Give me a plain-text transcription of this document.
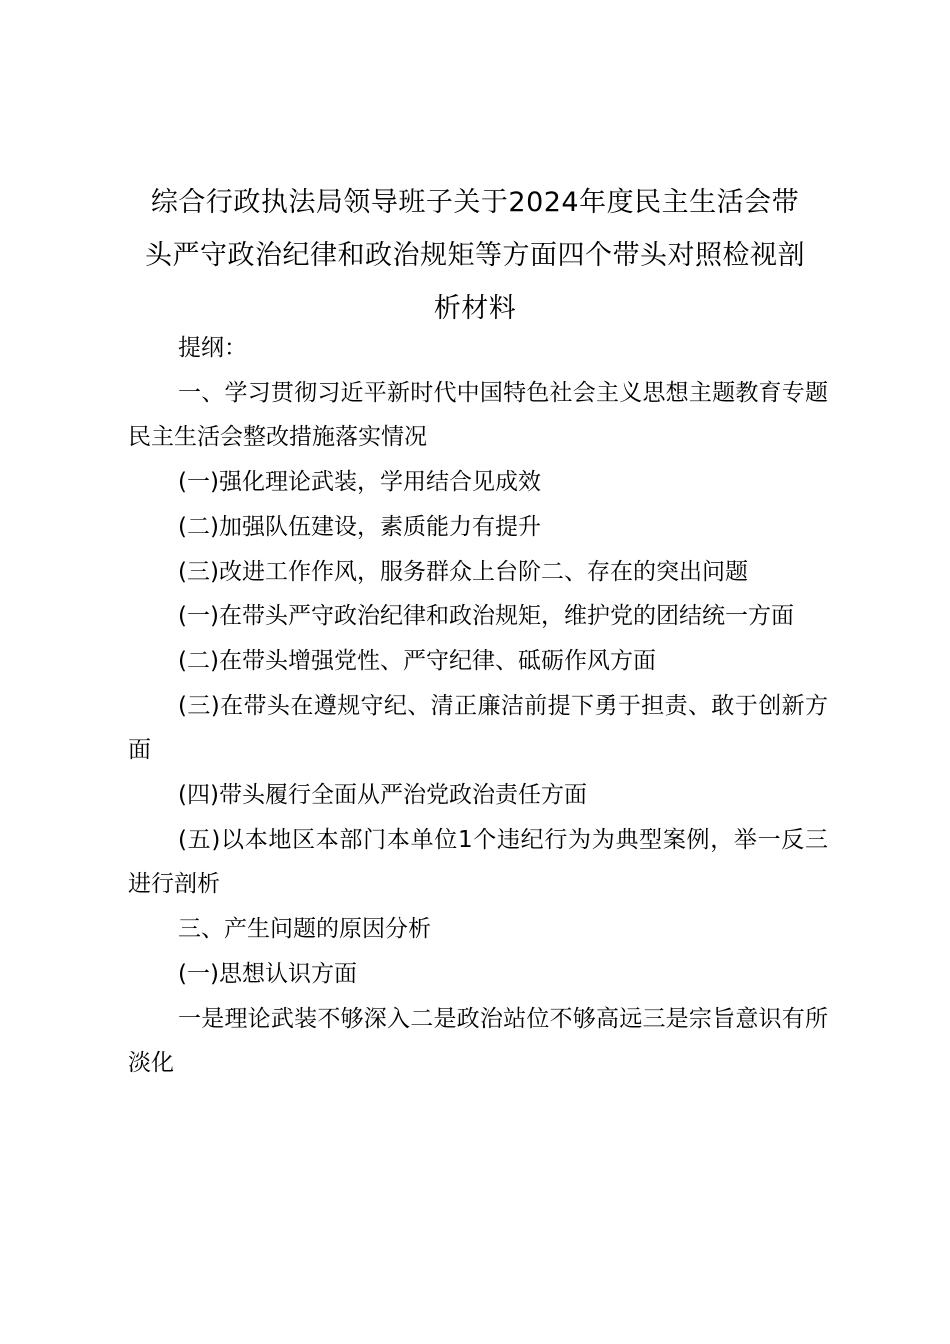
综合行政执法局领导班子关于2024年度民主生活会带
头严守政治纪律和政治规矩等方面四个带头对照检视剖
析材料

提纲：

一、学习贯彻习近平新时代中国特色社会主义思想主题教育专题民主生活会整改措施落实情况

(一)强化理论武装，学用结合见成效

(二)加强队伍建设，素质能力有提升

(三)改进工作作风，服务群众上台阶二、存在的突出问题

(一)在带头严守政治纪律和政治规矩，维护党的团结统一方面

(二)在带头增强党性、严守纪律、砥砺作风方面

(三)在带头在遵规守纪、清正廉洁前提下勇于担责、敢于创新方面

(四)带头履行全面从严治党政治责任方面

(五)以本地区本部门本单位1个违纪行为为典型案例，举一反三进行剖析

三、产生问题的原因分析

(一)思想认识方面

一是理论武装不够深入二是政治站位不够高远三是宗旨意识有所淡化
